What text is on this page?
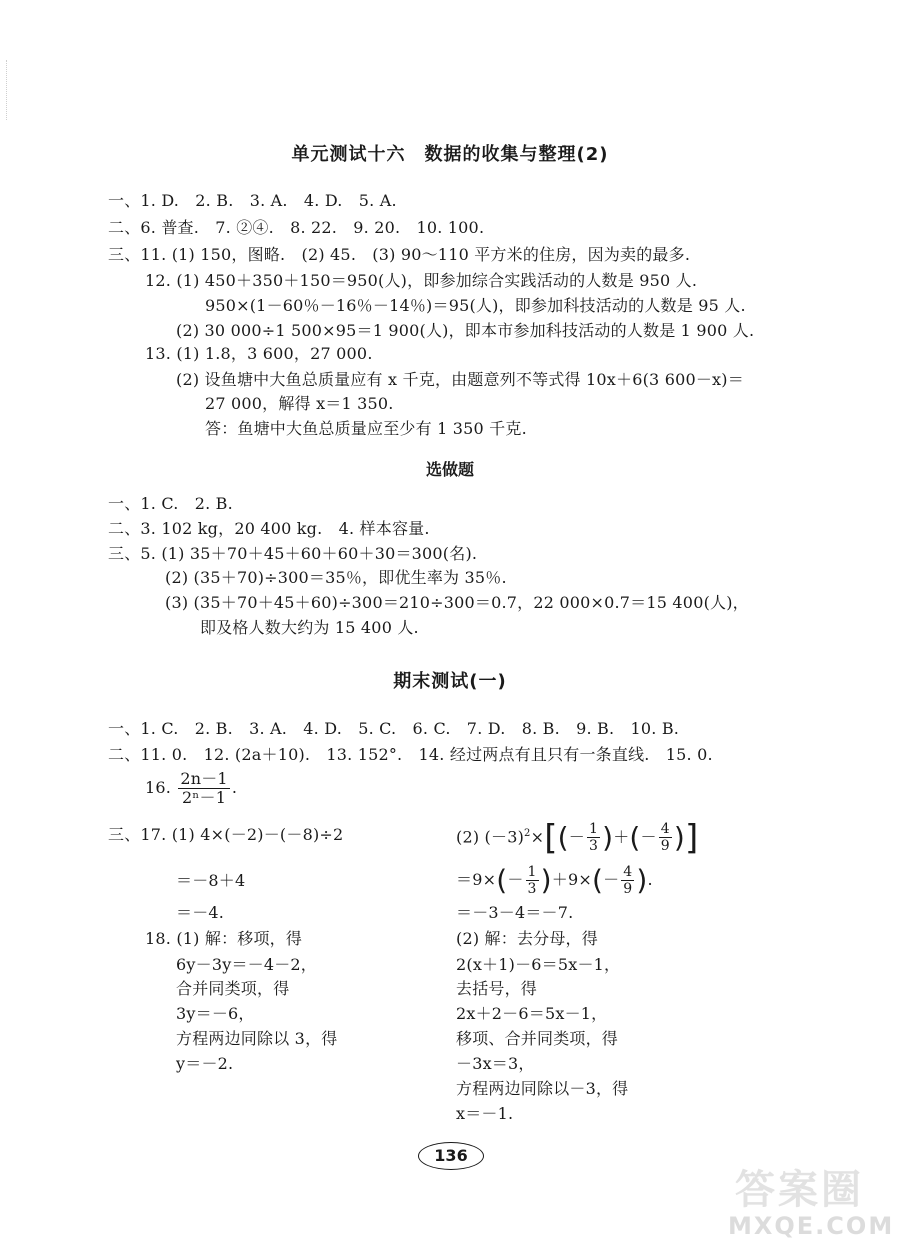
单元测试十六　数据的收集与整理(2)
一、1. D.　2. B.　3. A.　4. D.　5. A.
二、6. 普查.　7. ②④.　8. 22.　9. 20.　10. 100.
三、11. (1) 150，图略.　(2) 45.　(3) 90～110 平方米的住房，因为卖的最多.
12. (1) 450＋350＋150＝950(人)，即参加综合实践活动的人数是 950 人.
950×(1－60％－16％－14％)＝95(人)，即参加科技活动的人数是 95 人.
(2) 30 000÷1 500×95＝1 900(人)，即本市参加科技活动的人数是 1 900 人.
13. (1) 1.8，3 600，27 000.
(2) 设鱼塘中大鱼总质量应有 x 千克，由题意列不等式得 10x＋6(3 600－x)＝
27 000，解得 x＝1 350.
答：鱼塘中大鱼总质量应至少有 1 350 千克.
选做题
一、1. C.　2. B.
二、3. 102 kg，20 400 kg.　4. 样本容量.
三、5. (1) 35＋70＋45＋60＋60＋30＝300(名).
(2) (35＋70)÷300＝35％，即优生率为 35％.
(3) (35＋70＋45＋60)÷300＝210÷300＝0.7，22 000×0.7＝15 400(人)，
即及格人数大约为 15 400 人.
期末测试(一)
一、1. C.　2. B.　3. A.　4. D.　5. C.　6. C.　7. D.　8. B.　9. B.　10. B.
二、11. 0.　12. (2a＋10).　13. 152°.　14. 经过两点有且只有一条直线.　15. 0.
16. $\frac{2n-1}{\text{2ⁿ－1}}$ .
三、17. (1) 4×(－2)－(－8)÷2
＝－8＋4
＝－4.
(2) $(-3)^2\times[(- \frac{1}{3}$ )＋(－ $\frac{4}{9}$ )]
$=9\times(- \frac{1}{3} )+9\times(- \frac{4}{9}$ ).
＝－3－4＝－7.
18. (1) 解：移项，得
6y－3y＝－4－2，
合并同类项，得
3y＝－6，
方程两边同除以 3，得
y＝－2.
(2) 解：去分母，得
2(x＋1)－6＝5x－1，
去括号，得
2x＋2－6＝5x－1，
移项、合并同类项，得
－3x＝3，
方程两边同除以－3，得
x＝－1.
136
答案圈
MXQE.COM
